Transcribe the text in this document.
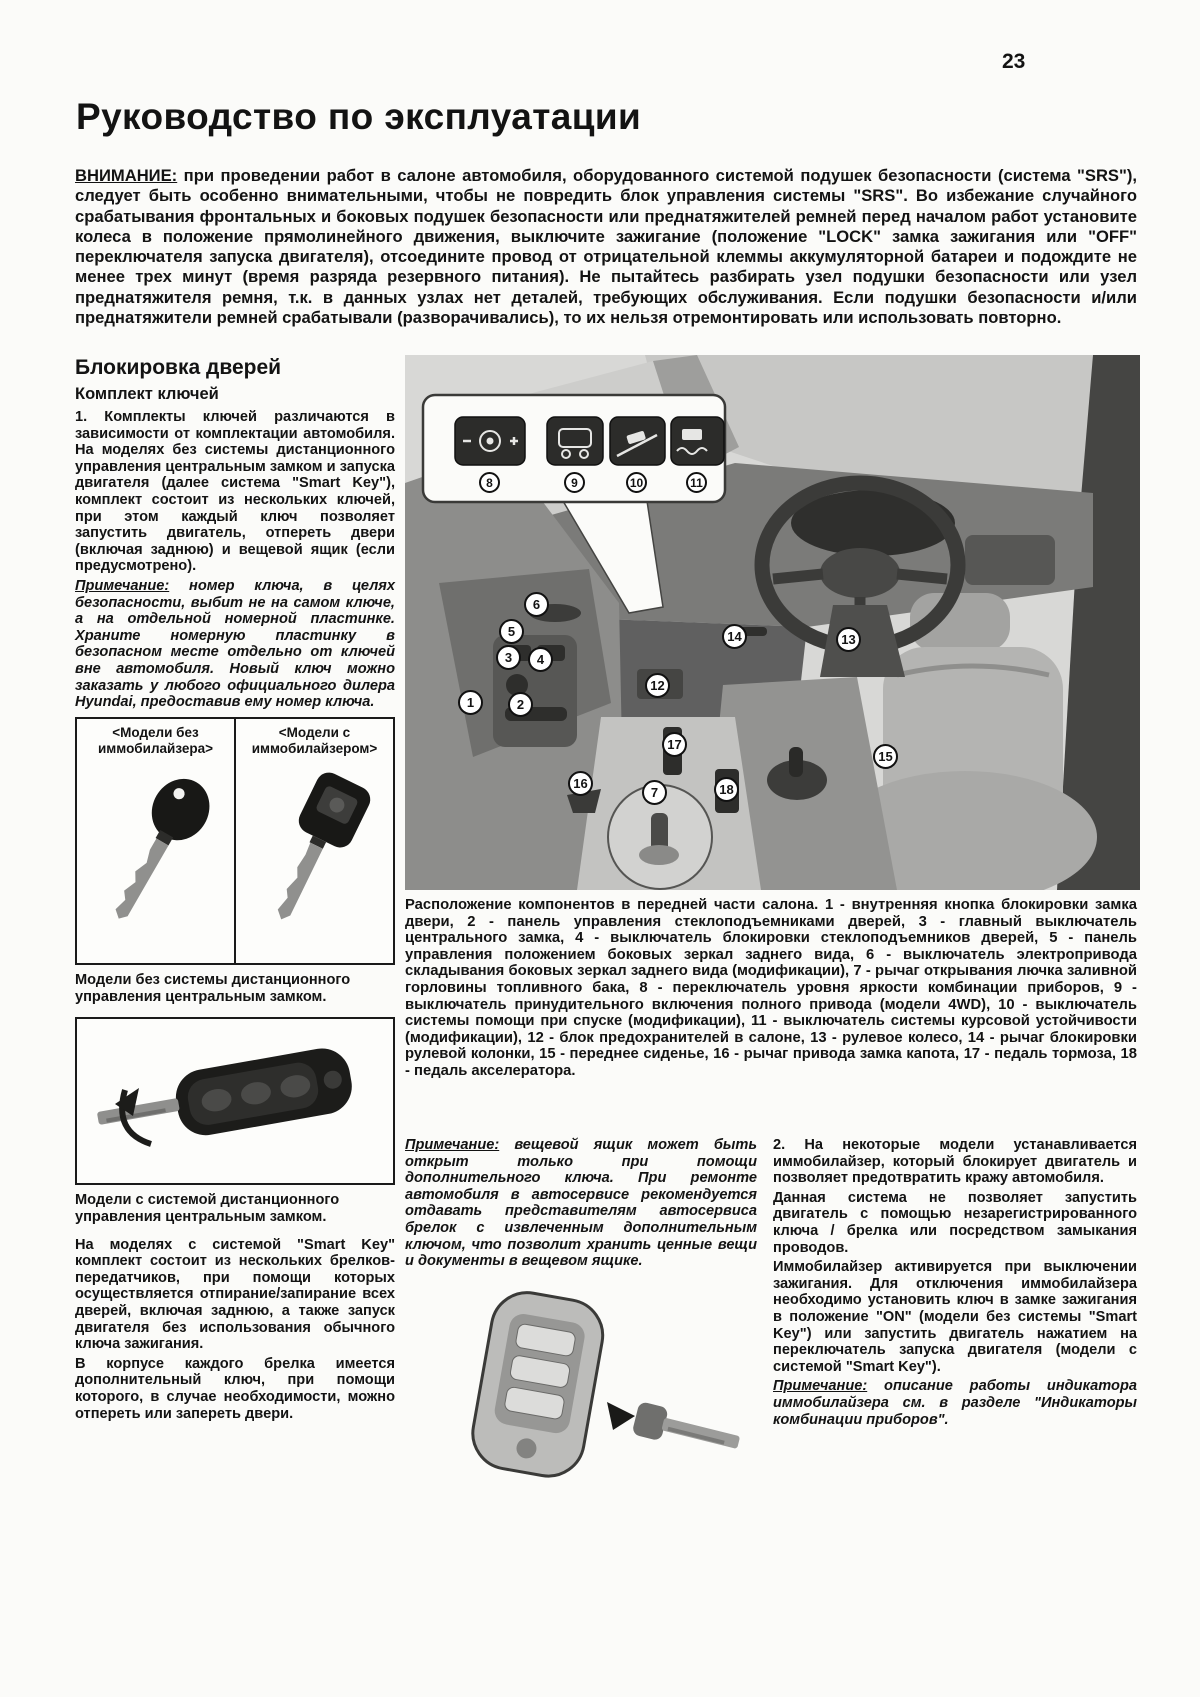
23
Руководство по эксплуатации

ВНИМАНИЕ: при проведении работ в салоне автомобиля, оборудованного системой подушек безопасности (система "SRS"), следует быть особенно внимательными, чтобы не повредить блок управления системы "SRS". Во избежание случайного срабатывания фронтальных и боковых подушек безопасности или преднатяжителей ремней перед началом работ установите колеса в положение прямолинейного движения, выключите зажигание (положение "LOCK" замка зажигания или "OFF" переключателя запуска двигателя), отсоедините провод от отрицательной клеммы аккумуляторной батареи и подождите не менее трех минут (время разряда резервного питания). Не пытайтесь разбирать узел подушки безопасности или узел преднатяжителя ремня, т.к. в данных узлах нет деталей, требующих обслуживания. Если подушки безопасности и/или преднатяжители ремней срабатывали (разворачивались), то их нельзя отремонтировать или использовать повторно.

Блокировка дверей
Комплект ключей

1. Комплекты ключей различаются в зависимости от комплектации автомобиля. На моделях без системы дистанционного управления центральным замком и запуска двигателя (далее система "Smart Key"), комплект состоит из нескольких ключей, при этом каждый ключ позволяет запустить двигатель, отпереть двери (включая заднюю) и вещевой ящик (если предусмотрено).

Примечание: номер ключа, в целях безопасности, выбит не на самом ключе, а на отдельной номерной пластинке. Храните номерную пластинку в безопасном месте отдельно от ключей вне автомобиля. Новый ключ можно заказать у любого официального дилера Hyundai, предоставив ему номер ключа.

<Модели без иммобилайзера>
<Модели с иммобилайзером>

Модели без системы дистанционного управления центральным замком.

Модели с системой дистанционного управления центральным замком.

На моделях с системой "Smart Key" комплект состоит из нескольких брелков-передатчиков, при помощи которых осуществляется отпирание/запирание всех дверей, включая заднюю, а также запуск двигателя без использования обычного ключа зажигания.

В корпусе каждого брелка имеется дополнительный ключ, при помощи которого, в случае необходимости, можно отпереть или запереть двери.

8	9	10	11
1	2
3	4
5
6
7
12
13
14
15
16
17
18

Расположение компонентов в передней части салона. 1 - внутренняя кнопка блокировки замка двери, 2 - панель управления стеклоподъемниками дверей, 3 - главный выключатель центрального замка, 4 - выключатель блокировки стеклоподъемников дверей, 5 - панель управления положением боковых зеркал заднего вида, 6 - выключатель электропривода складывания боковых зеркал заднего вида (модификации), 7 - рычаг открывания лючка заливной горловины топливного бака, 8 - переключатель уровня яркости комбинации приборов, 9 - выключатель принудительного включения полного привода (модели 4WD), 10 - выключатель системы помощи при спуске (модификации), 11 - выключатель системы курсовой устойчивости (модификации), 12 - блок предохранителей в салоне, 13 - рулевое колесо, 14 - рычаг блокировки рулевой колонки, 15 - переднее сиденье, 16 - рычаг привода замка капота, 17 - педаль тормоза, 18 - педаль акселератора.

Примечание: вещевой ящик может быть открыт только при помощи дополнительного ключа. При ремонте автомобиля в автосервисе рекомендуется отдавать представителям автосервиса брелок с извлеченным дополнительным ключом, что позволит хранить ценные вещи и документы в вещевом ящике.

2. На некоторые модели устанавливается иммобилайзер, который блокирует двигатель и позволяет предотвратить кражу автомобиля.

Данная система не позволяет запустить двигатель с помощью незарегистрированного ключа / брелка или посредством замыкания проводов.

Иммобилайзер активируется при выключении зажигания. Для отключения иммобилайзера необходимо установить ключ в замке зажигания в положение "ON" (модели без системы "Smart Key") или запустить двигатель нажатием на переключатель запуска двигателя (модели с системой "Smart Key").

Примечание: описание работы индикатора иммобилайзера см. в разделе "Индикаторы комбинации приборов".
